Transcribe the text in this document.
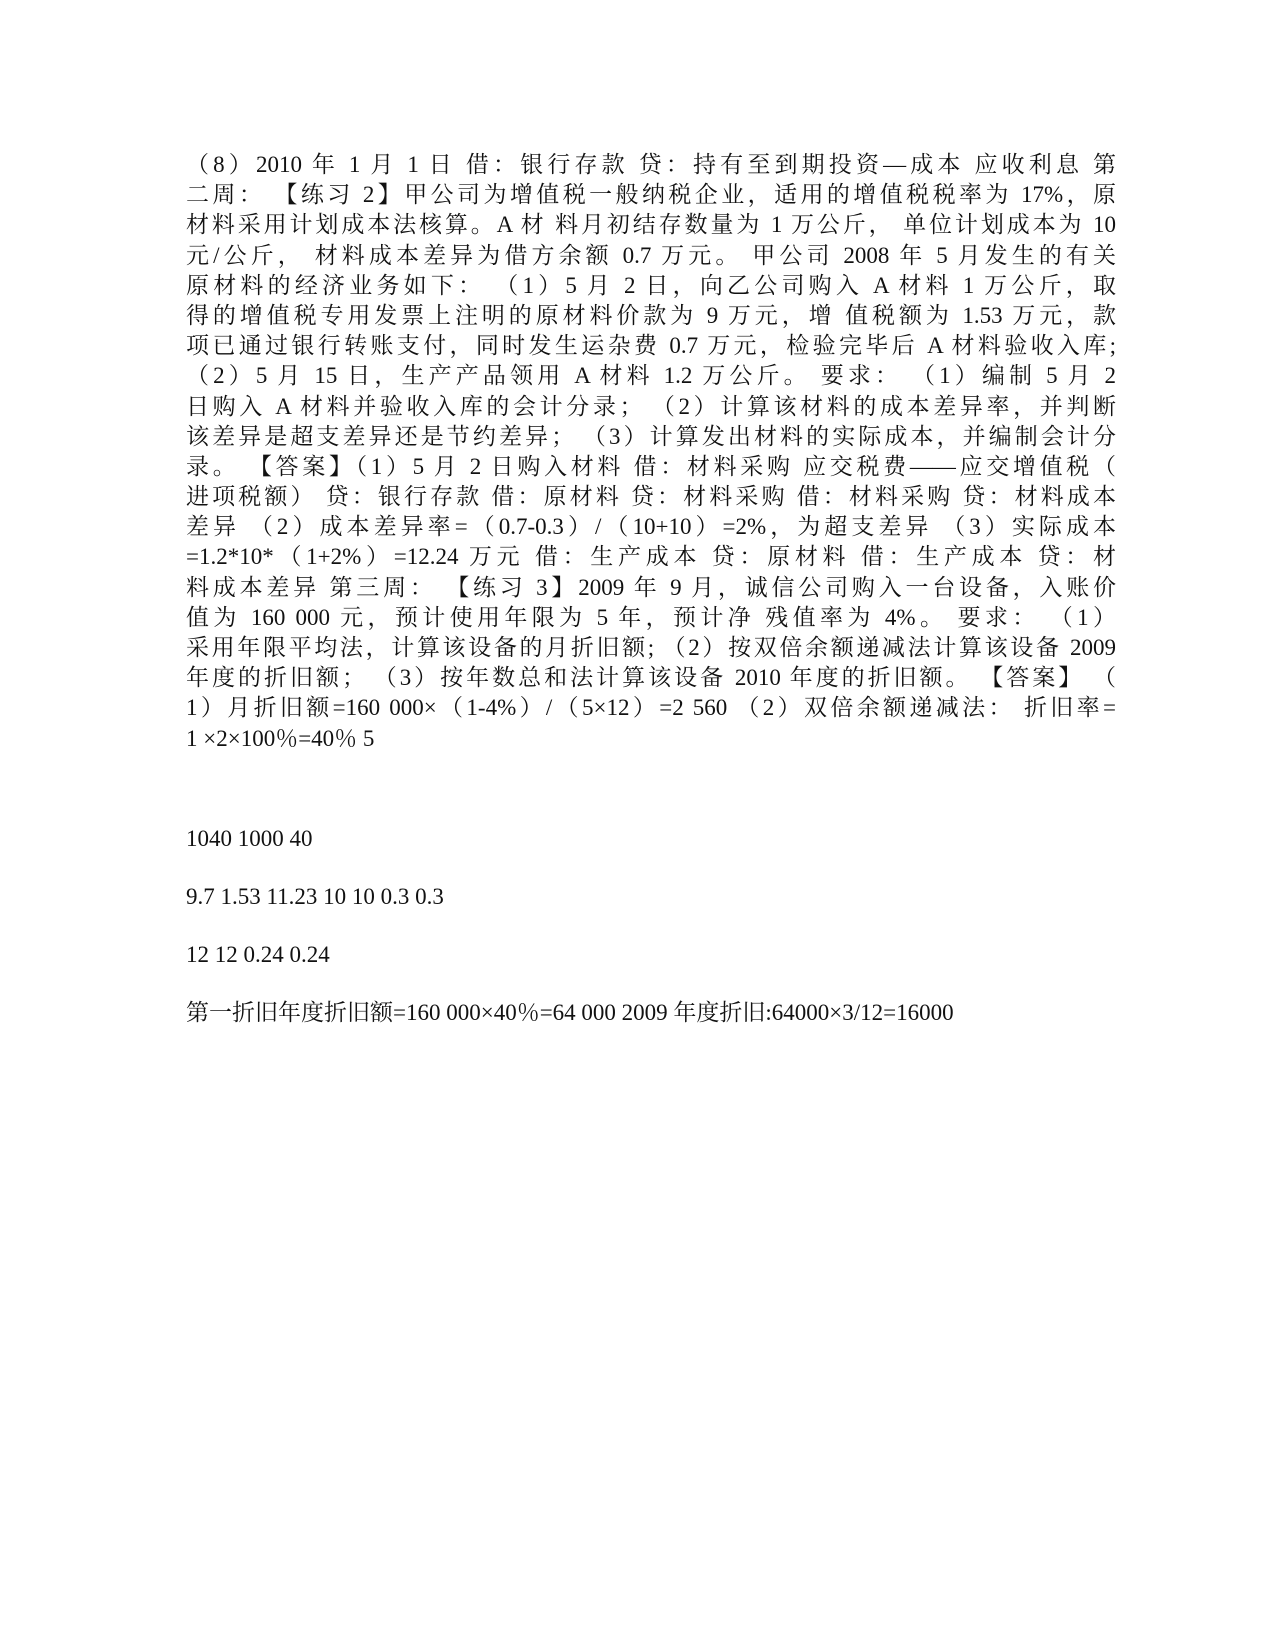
（8）2010 年 1 月 1 日 借：银行存款 贷：持有至到期投资—成本 应收利息 第
二周： 【练习 2】甲公司为增值税一般纳税企业，适用的增值税税率为 17%，原
材料采用计划成本法核算。A 材 料月初结存数量为 1 万公斤， 单位计划成本为 10
元/公斤， 材料成本差异为借方余额 0.7 万元。 甲公司 2008 年 5 月发生的有关
原材料的经济业务如下： （1）5 月 2 日，向乙公司购入 A 材料 1 万公斤，取
得的增值税专用发票上注明的原材料价款为 9 万元，增 值税额为 1.53 万元，款
项已通过银行转账支付，同时发生运杂费 0.7 万元，检验完毕后 A 材料验收入库;
（2）5 月 15 日，生产产品领用 A 材料 1.2 万公斤。 要求： （1）编制 5 月 2
日购入 A 材料并验收入库的会计分录； （2）计算该材料的成本差异率，并判断
该差异是超支差异还是节约差异； （3）计算发出材料的实际成本，并编制会计分
录。 【答案】（1）5 月 2 日购入材料 借：材料采购 应交税费——应交增值税（
进项税额） 贷：银行存款 借：原材料 贷：材料采购 借：材料采购 贷：材料成本
差异 （2）成本差异率=（0.7-0.3）/（10+10）=2%，为超支差异 （3）实际成本
=1.2*10*（1+2%）=12.24 万元 借：生产成本 贷：原材料 借：生产成本 贷：材
料成本差异 第三周： 【练习 3】2009 年 9 月，诚信公司购入一台设备，入账价
值为 160 000 元，预计使用年限为 5 年，预计净 残值率为 4%。 要求： （1）
采用年限平均法，计算该设备的月折旧额; （2）按双倍余额递减法计算该设备 2009
年度的折旧额； （3）按年数总和法计算该设备 2010 年度的折旧额。 【答案】 （
1）月折旧额=160 000×（1-4%）/（5×12）=2 560 （2）双倍余额递减法： 折旧率=
1 ×2×100％=40％ 5
1040 1000 40
9.7 1.53 11.23 10 10 0.3 0.3
12 12 0.24 0.24
第一折旧年度折旧额=160 000×40％=64 000 2009 年度折旧:64000×3/12=16000
